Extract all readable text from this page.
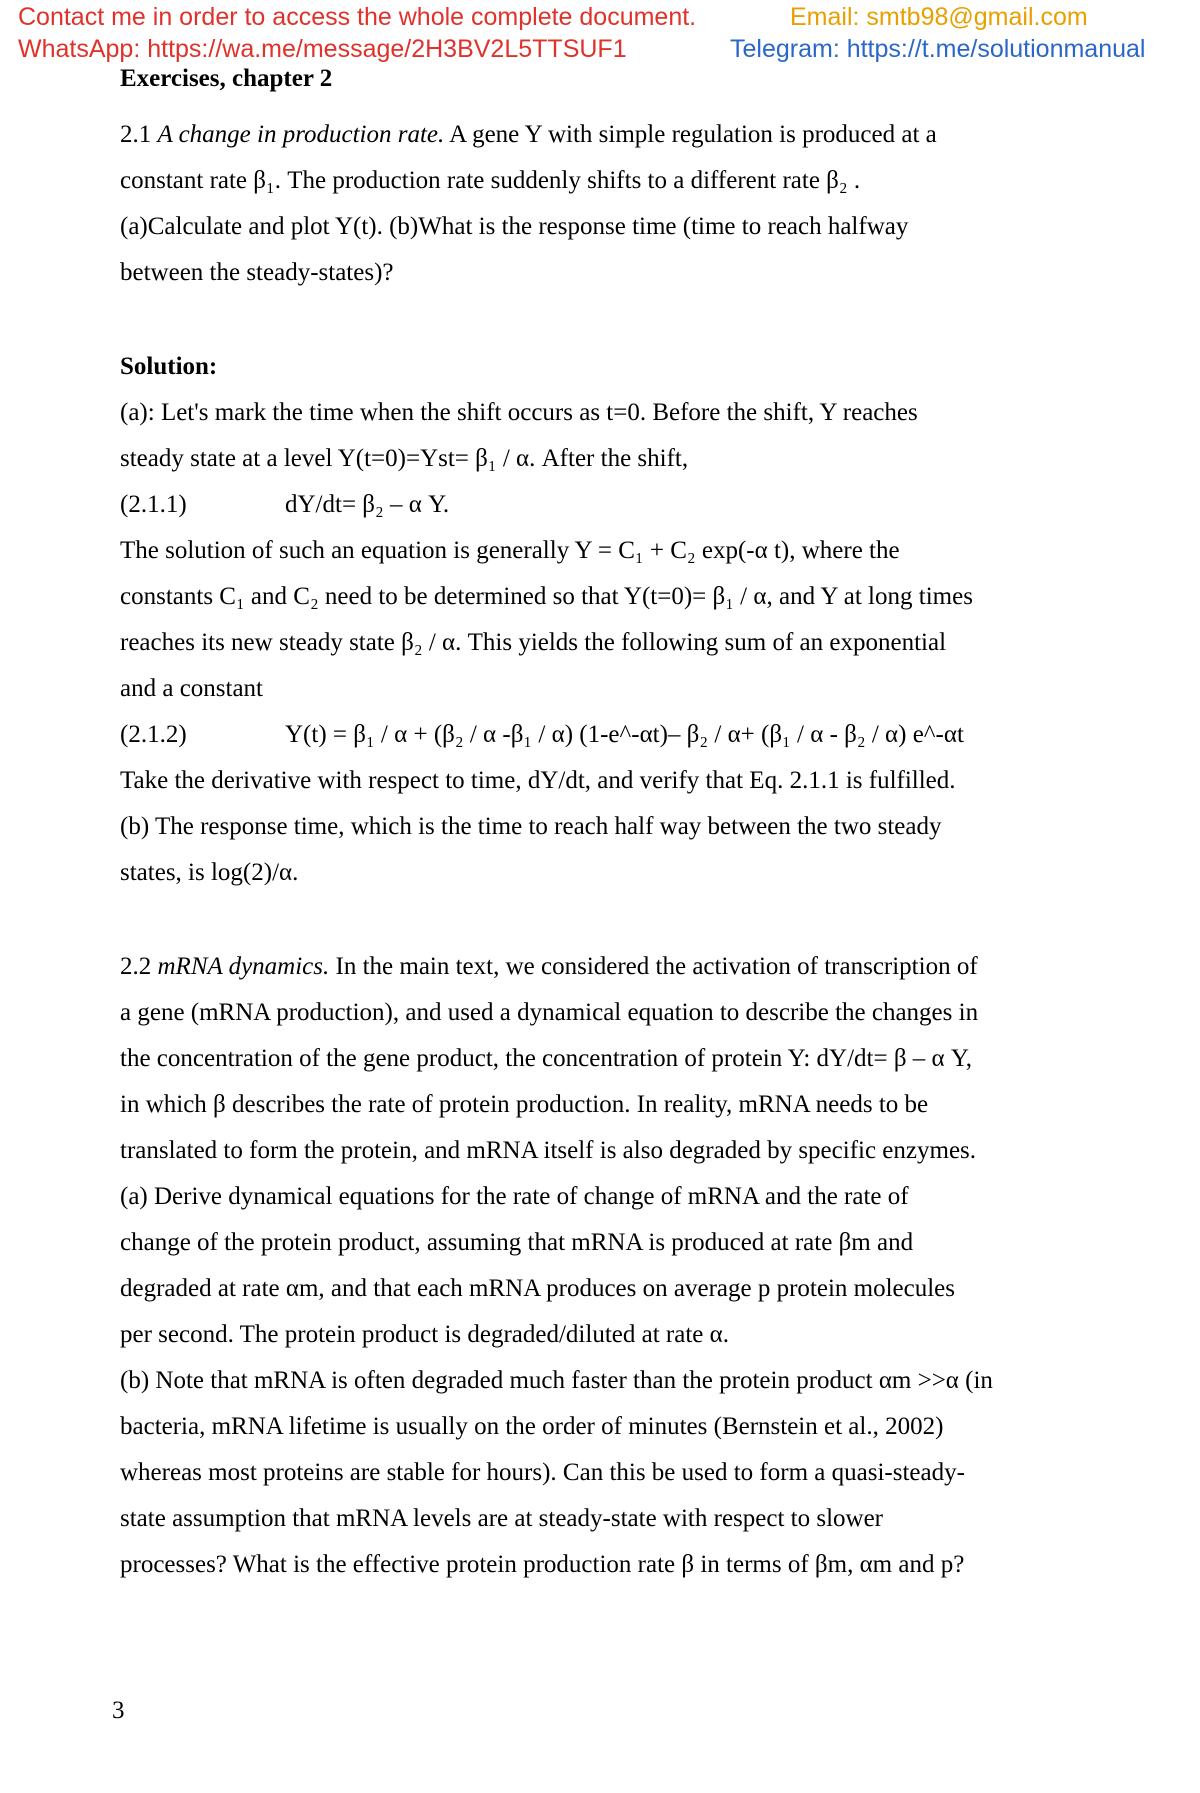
Contact me in order to access the whole complete document.	Email: smtb98@gmail.com
WhatsApp: https://wa.me/message/2H3BV2L5TTSUF1	Telegram: https://t.me/solutionmanual
Exercises, chapter 2
2.1 A change in production rate. A gene Y with simple regulation is produced at a
constant rate β₁. The production rate suddenly shifts to a different rate β₂ .
(a)Calculate and plot Y(t). (b)What is the response time (time to reach halfway
between the steady-states)?
Solution:
(a): Let's mark the time when the shift occurs as t=0. Before the shift, Y reaches
steady state at a level Y(t=0)=Yst= β₁ / α. After the shift,
(2.1.1)	dY/dt= β₂ – α Y.
The solution of such an equation is generally Y = C₁ + C₂ exp(-α t), where the
constants C₁ and C₂ need to be determined so that Y(t=0)= β₁ / α, and Y at long times
reaches its new steady state β₂ / α. This yields the following sum of an exponential
and a constant
(2.1.2)	Y(t) = β₁ / α + (β₂ / α -β₁ / α) (1-e^-αt)– β₂ / α+ (β₁ / α - β₂ / α) e^-αt
Take the derivative with respect to time, dY/dt, and verify that Eq. 2.1.1 is fulfilled.
(b) The response time, which is the time to reach half way between the two steady
states, is log(2)/α.
2.2 mRNA dynamics. In the main text, we considered the activation of transcription of
a gene (mRNA production), and used a dynamical equation to describe the changes in
the concentration of the gene product, the concentration of protein Y: dY/dt= β – α Y,
in which β describes the rate of protein production. In reality, mRNA needs to be
translated to form the protein, and mRNA itself is also degraded by specific enzymes.
(a) Derive dynamical equations for the rate of change of mRNA and the rate of
change of the protein product, assuming that mRNA is produced at rate βm and
degraded at rate αm, and that each mRNA produces on average p protein molecules
per second. The protein product is degraded/diluted at rate α.
(b) Note that mRNA is often degraded much faster than the protein product αm >>α (in
bacteria, mRNA lifetime is usually on the order of minutes (Bernstein et al., 2002)
whereas most proteins are stable for hours). Can this be used to form a quasi-steady-
state assumption that mRNA levels are at steady-state with respect to slower
processes? What is the effective protein production rate β in terms of βm, αm and p?
3
